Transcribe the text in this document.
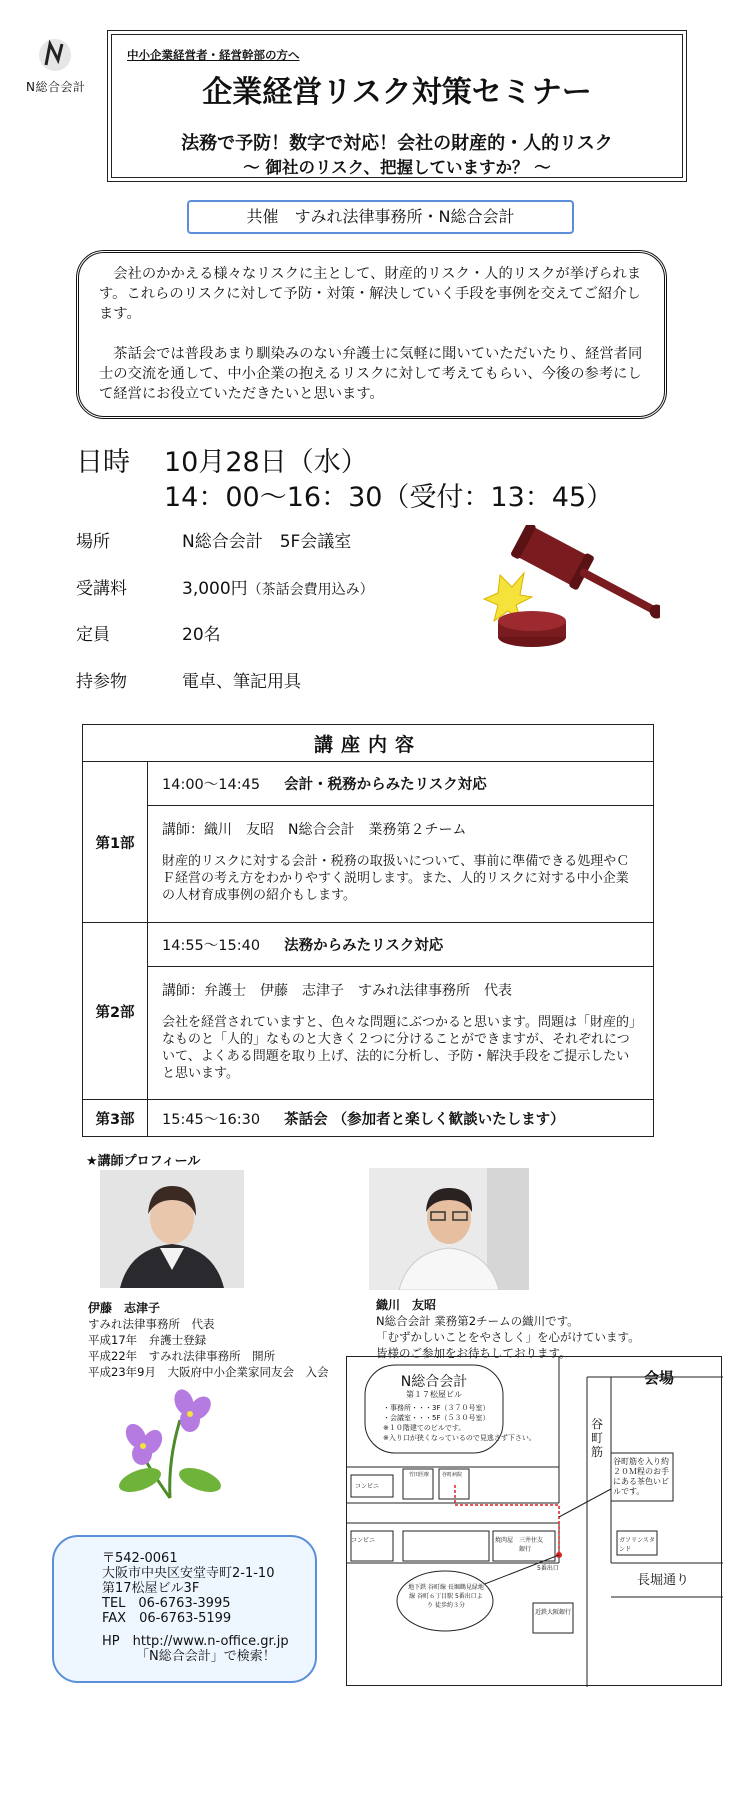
N総合会計
中小企業経営者・経営幹部の方へ
企業経営リスク対策セミナー
法務で予防！数字で対応！会社の財産的・人的リスク
～ 御社のリスク、把握していますか？ ～
共催　すみれ法律事務所・N総合会計

会社のかかえる様々なリスクに主として、財産的リスク・人的リスクが挙げられます。これらのリスクに対して予防・対策・解決していく手段を事例を交えてご紹介します。

茶話会では普段あまり馴染みのない弁護士に気軽に聞いていただいたり、経営者同士の交流を通して、中小企業の抱えるリスクに対して考えてもらい、今後の参考にして経営にお役立ていただきたいと思います。

日時 10月28日（水）
14：00～16：30（受付：13：45）
場所	N総合会計　5F会議室
受講料	3,000円（茶話会費用込み）
定員	20名
持参物	電卓、筆記用具
講座内容	
第1部	14:00～14:45 会計・税務からみたリスク対応

	講師：織川　友昭　N総合会計　業務第２チーム
財産的リスクに対する会計・税務の取扱いについて、事前に準備できる処理やＣＦ経営の考え方をわかりやすく説明します。また、人的リスクに対する中小企業の人材育成事例の紹介もします。

第2部	14:55～15:40 法務からみたリスク対応

	講師：弁護士　伊藤　志津子　すみれ法律事務所　代表
会社を経営されていますと、色々な問題にぶつかると思います。問題は「財産的」なものと「人的」なものと大きく２つに分けることができますが、それぞれについて、よくある問題を取り上げ、法的に分析し、予防・解決手段をご提示したいと思います。

第3部	15:45～16:30 茶話会 （参加者と楽しく歓談いたします）
★講師プロフィール
伊藤　志津子
すみれ法律事務所　代表
平成17年　弁護士登録
平成22年　すみれ法律事務所　開所
平成23年9月　大阪府中小企業家同友会　入会
織川　友昭
N総合会計 業務第2チームの織川です。
「むずかしいことをやさしく」を心がけています。
皆様のご参加をお待ちしております。
〒542-0061
大阪市中央区安堂寺町2-1-10
第17松屋ビル3F
TEL　06-6763-3995
FAX　06-6763-5199
HP　http://www.n-office.gr.jp
「N総合会計」で検索！
会場
N総合会計
第１７松屋ビル
・事務所・・・3F（３７０号室）
・会議室・・・5F（５３０号室）
※１０階建てのビルです。
※入り口が狭くなっているので見逃さず下さい。
谷町筋
長堀通り
谷町筋を入り約２０Ｍ程のお手にある茶色いビルです。
コンビニ
コンビニ	三井住友銀行
ガソリンスタンド
5番出口
地下鉄 谷町線 長堀鶴見緑地線 谷町６丁目駅 5番出口より 徒歩約３分
近鉄大阪銀行
焼肉屋
谷町病院
竹田医療
